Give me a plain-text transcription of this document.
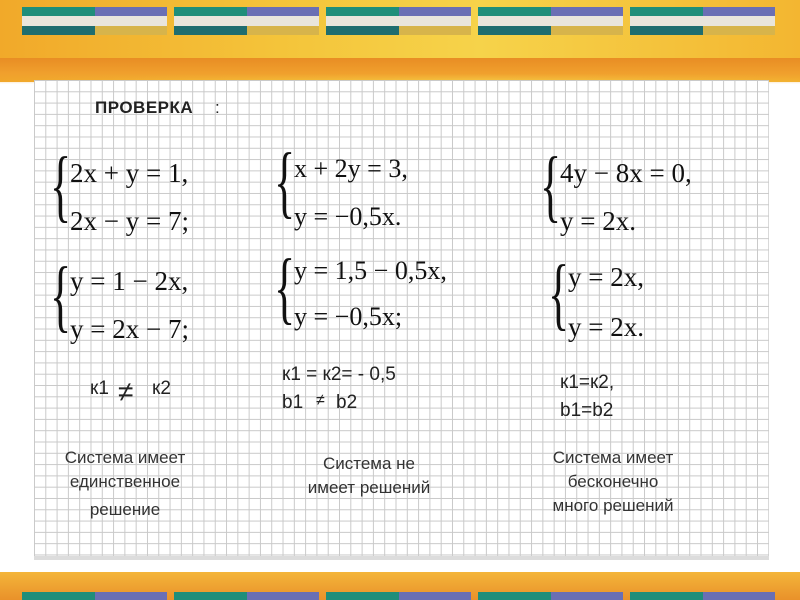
ПРОВЕРКА :
{
2x + y = 1,
2x − y = 7;
{
y = 1 − 2x,
y = 2x − 7;
к1 ≠ к2
Система имеет
единственное
решение
{
x + 2y = 3,
y = −0,5x.
{
y = 1,5 − 0,5x,
y = −0,5x;
к1 = к2= - 0,5
b1 ≠ b2
Система не
имеет решений
{
4y − 8x = 0,
y = 2x.
{
y = 2x,
y = 2x.
к1=к2,
b1=b2
Система имеет
бесконечно
много решений
